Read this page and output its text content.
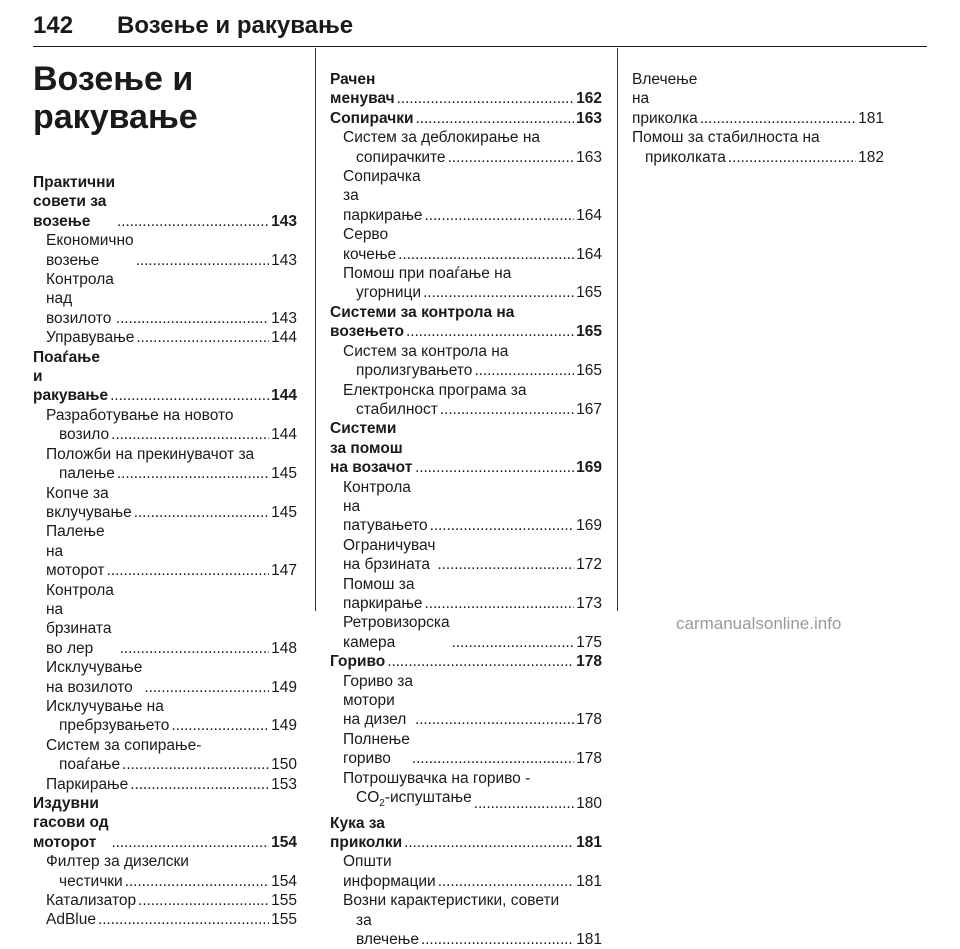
142 Возење и ракување
Возење и
ракување
Практични совети за возење . . .	143
Економично возење . . .	143
Контрола над возилото . . .	143
Управување . . .	144
Поаѓање и ракување . . .	144
Разработување на новото
возило . . .	144
Положби на прекинувачот за
палење . . .	145
Копче за вклучување . . .	145
Палење на моторот . . .	147
Контрола на брзината во лер . . .	148
Исклучување на возилото . . .	149
Исклучување на
пребрзувањето . . .	149
Систем за сопирање-
поаѓање . . .	150
Паркирање . . .	153
Издувни гасови од моторот . . .	154
Филтер за дизелски
честички . . .	154
Катализатор . . .	155
AdBlue . . .	155
Рачен менувач . . .	162
Сопирачки . . .	163
Систем за деблокирање на
сопирачките . . .	163
Сопирачка за паркирање . . .	164
Серво кочење . . .	164
Помош при поаѓање на
угорници . . .	165
Системи за контрола на
возењето . . .	165
Систем за контрола на
пролизгувањето . . .	165
Електронска програма за
стабилност . . .	167
Системи за помош на возачот . . .	169
Контрола на патувањето . . .	169
Ограничувач на брзината . . .	172
Помош за паркирање . . .	173
Ретровизорска камера . . .	175
Гориво . . .	178
Гориво за мотори на дизел . . .	178
Полнење гориво . . .	178
Потрошувачка на гориво -
$CO_2$-испуштање . . .	180
Кука за приколки . . .	181
Општи информации . . .	181
Возни карактеристики, совети
за влечење . . .	181
Влечење на приколка . . .	181
Помош за стабилноста на
приколката . . .	182
carmanualsonline.info
